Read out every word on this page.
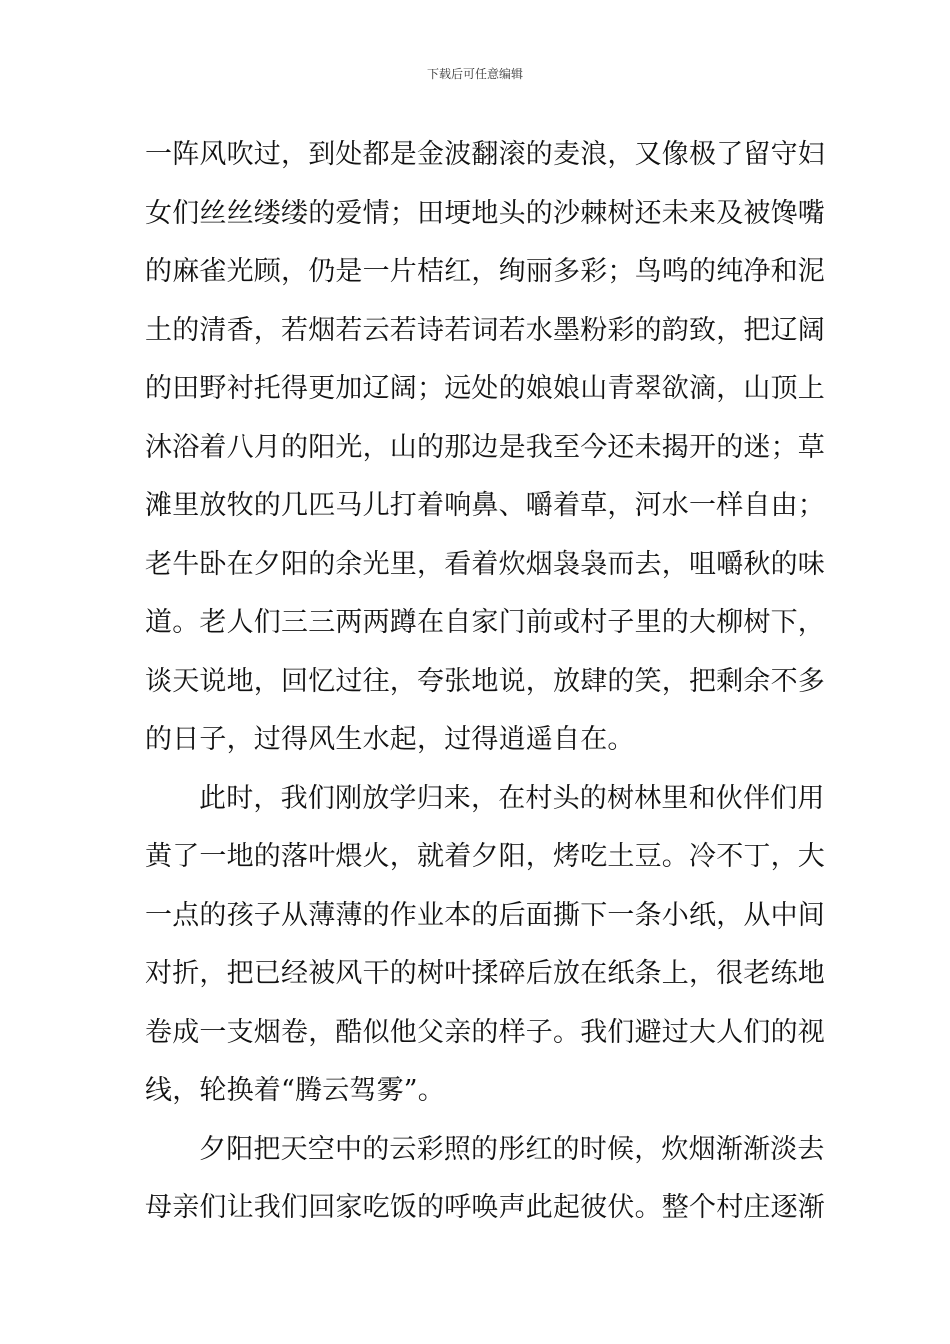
下载后可任意编辑
一阵风吹过，到处都是金波翻滚的麦浪，又像极了留守妇
女们丝丝缕缕的爱情；田埂地头的沙棘树还未来及被馋嘴
的麻雀光顾，仍是一片桔红，绚丽多彩；鸟鸣的纯净和泥
土的清香，若烟若云若诗若词若水墨粉彩的韵致，把辽阔
的田野衬托得更加辽阔；远处的娘娘山青翠欲滴，山顶上
沐浴着八月的阳光，山的那边是我至今还未揭开的迷；草
滩里放牧的几匹马儿打着响鼻、嚼着草，河水一样自由；
老牛卧在夕阳的余光里，看着炊烟袅袅而去，咀嚼秋的味
道。老人们三三两两蹲在自家门前或村子里的大柳树下，
谈天说地，回忆过往，夸张地说，放肆的笑，把剩余不多
的日子，过得风生水起，过得逍遥自在。
此时，我们刚放学归来，在村头的树林里和伙伴们用
黄了一地的落叶煨火，就着夕阳，烤吃土豆。冷不丁，大
一点的孩子从薄薄的作业本的后面撕下一条小纸，从中间
对折，把已经被风干的树叶揉碎后放在纸条上，很老练地
卷成一支烟卷，酷似他父亲的样子。我们避过大人们的视
线，轮换着“腾云驾雾”。
夕阳把天空中的云彩照的彤红的时候，炊烟渐渐淡去
母亲们让我们回家吃饭的呼唤声此起彼伏。整个村庄逐渐
